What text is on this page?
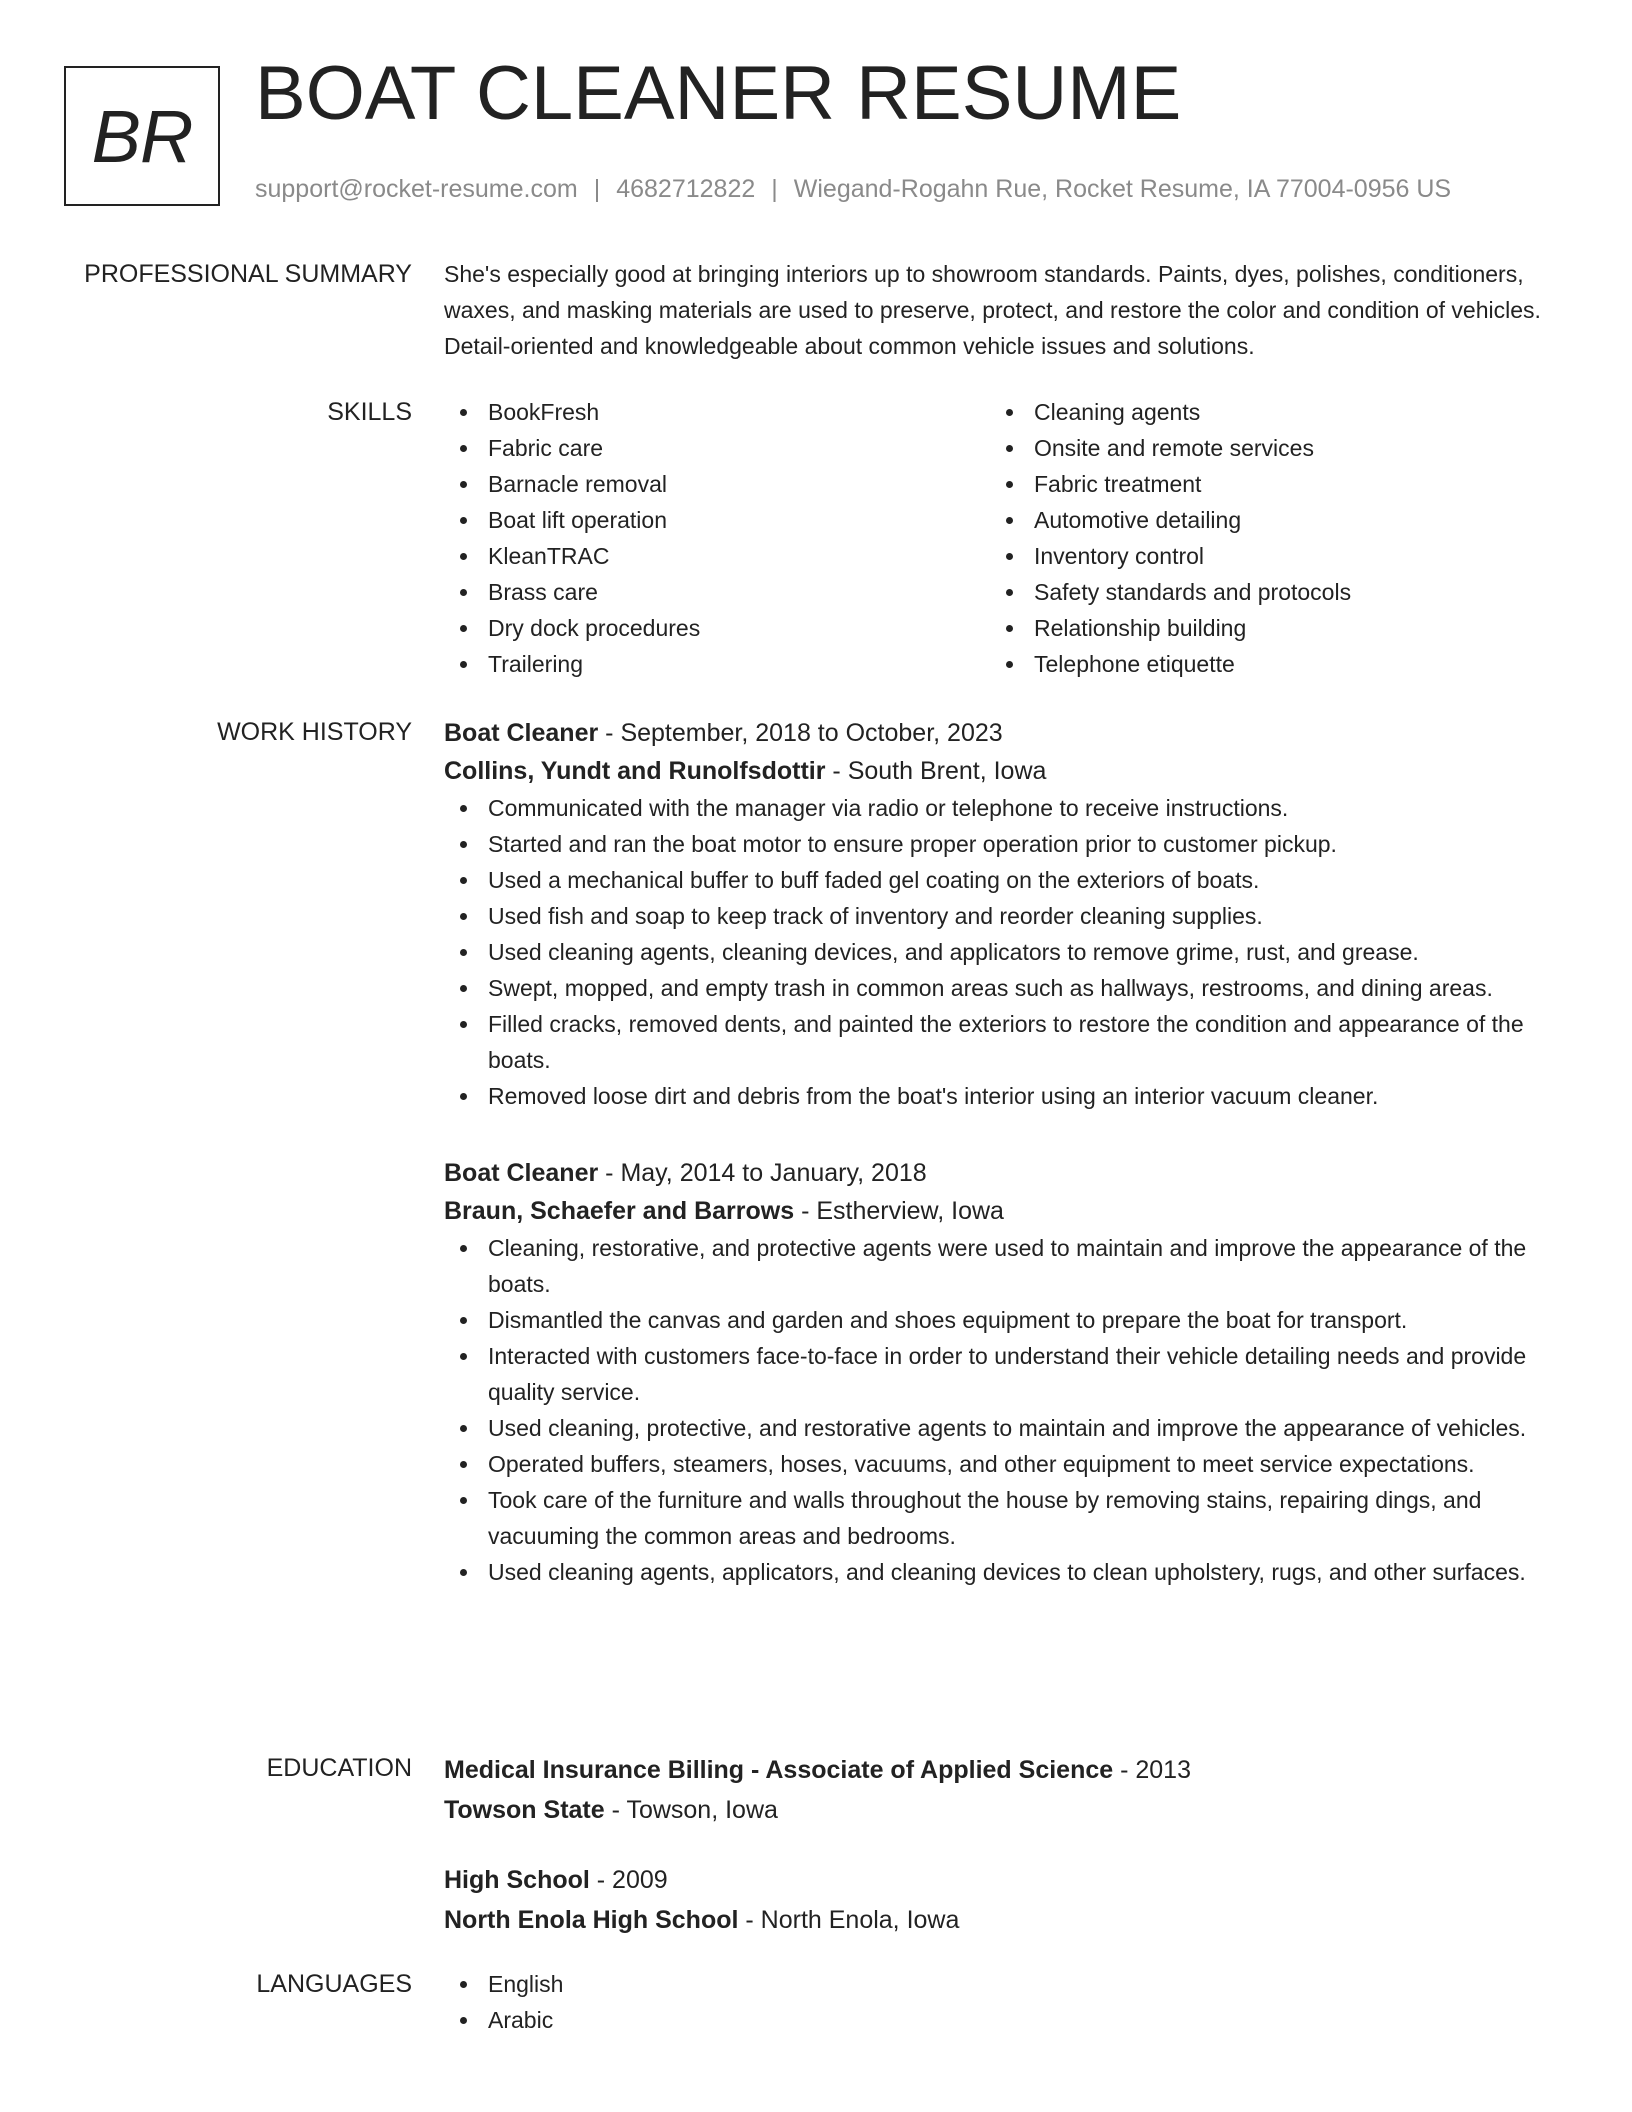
BR BOAT CLEANER RESUME
support@rocket-resume.com | 4682712822 | Wiegand-Rogahn Rue, Rocket Resume, IA 77004-0956 US
PROFESSIONAL SUMMARY She's especially good at bringing interiors up to showroom standards. Paints, dyes, polishes, conditioners, waxes, and masking materials are used to preserve, protect, and restore the color and condition of vehicles. Detail-oriented and knowledgeable about common vehicle issues and solutions.

SKILLS	BookFresh
Fabric care
Barnacle removal
Boat lift operation
KleanTRAC
Brass care
Dry dock procedures
Trailering
Cleaning agents
Onsite and remote services
Fabric treatment
Automotive detailing
Inventory control
Safety standards and protocols
Relationship building
Telephone etiquette
WORK HISTORY Boat Cleaner - September, 2018 to October, 2023
Collins, Yundt and Runolfsdottir - South Brent, Iowa
Communicated with the manager via radio or telephone to receive instructions.
Started and ran the boat motor to ensure proper operation prior to customer pickup.
Used a mechanical buffer to buff faded gel coating on the exteriors of boats.
Used fish and soap to keep track of inventory and reorder cleaning supplies.
Used cleaning agents, cleaning devices, and applicators to remove grime, rust, and grease.
Swept, mopped, and empty trash in common areas such as hallways, restrooms, and dining areas.
Filled cracks, removed dents, and painted the exteriors to restore the condition and appearance of the boats.
Removed loose dirt and debris from the boat's interior using an interior vacuum cleaner.
Boat Cleaner - May, 2014 to January, 2018
Braun, Schaefer and Barrows - Estherview, Iowa
Cleaning, restorative, and protective agents were used to maintain and improve the appearance of the boats.
Dismantled the canvas and garden and shoes equipment to prepare the boat for transport.
Interacted with customers face-to-face in order to understand their vehicle detailing needs and provide quality service.
Used cleaning, protective, and restorative agents to maintain and improve the appearance of vehicles.
Operated buffers, steamers, hoses, vacuums, and other equipment to meet service expectations.
Took care of the furniture and walls throughout the house by removing stains, repairing dings, and vacuuming the common areas and bedrooms.
Used cleaning agents, applicators, and cleaning devices to clean upholstery, rugs, and other surfaces.
EDUCATION Medical Insurance Billing - Associate of Applied Science - 2013
Towson State - Towson, Iowa
High School - 2009
North Enola High School - North Enola, Iowa
LANGUAGES	English
Arabic
